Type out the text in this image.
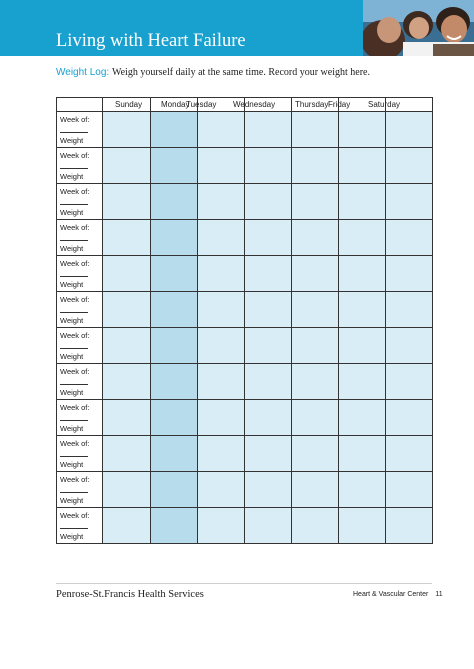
Living with Heart Failure
Weight Log: Weigh yourself daily at the same time. Record your weight here.

	Sunday	Monday	Tuesday	Wednesday	Thursday	Friday	Saturday

Week of:
Weight							

Week of:
Weight							

Week of:
Weight							

Week of:
Weight							

Week of:
Weight							

Week of:
Weight							

Week of:
Weight							

Week of:
Weight							

Week of:
Weight							

Week of:
Weight							

Week of:
Weight							

Week of:
Weight							

Penrose-St.Francis Health Services	Heart & Vascular Center 11
